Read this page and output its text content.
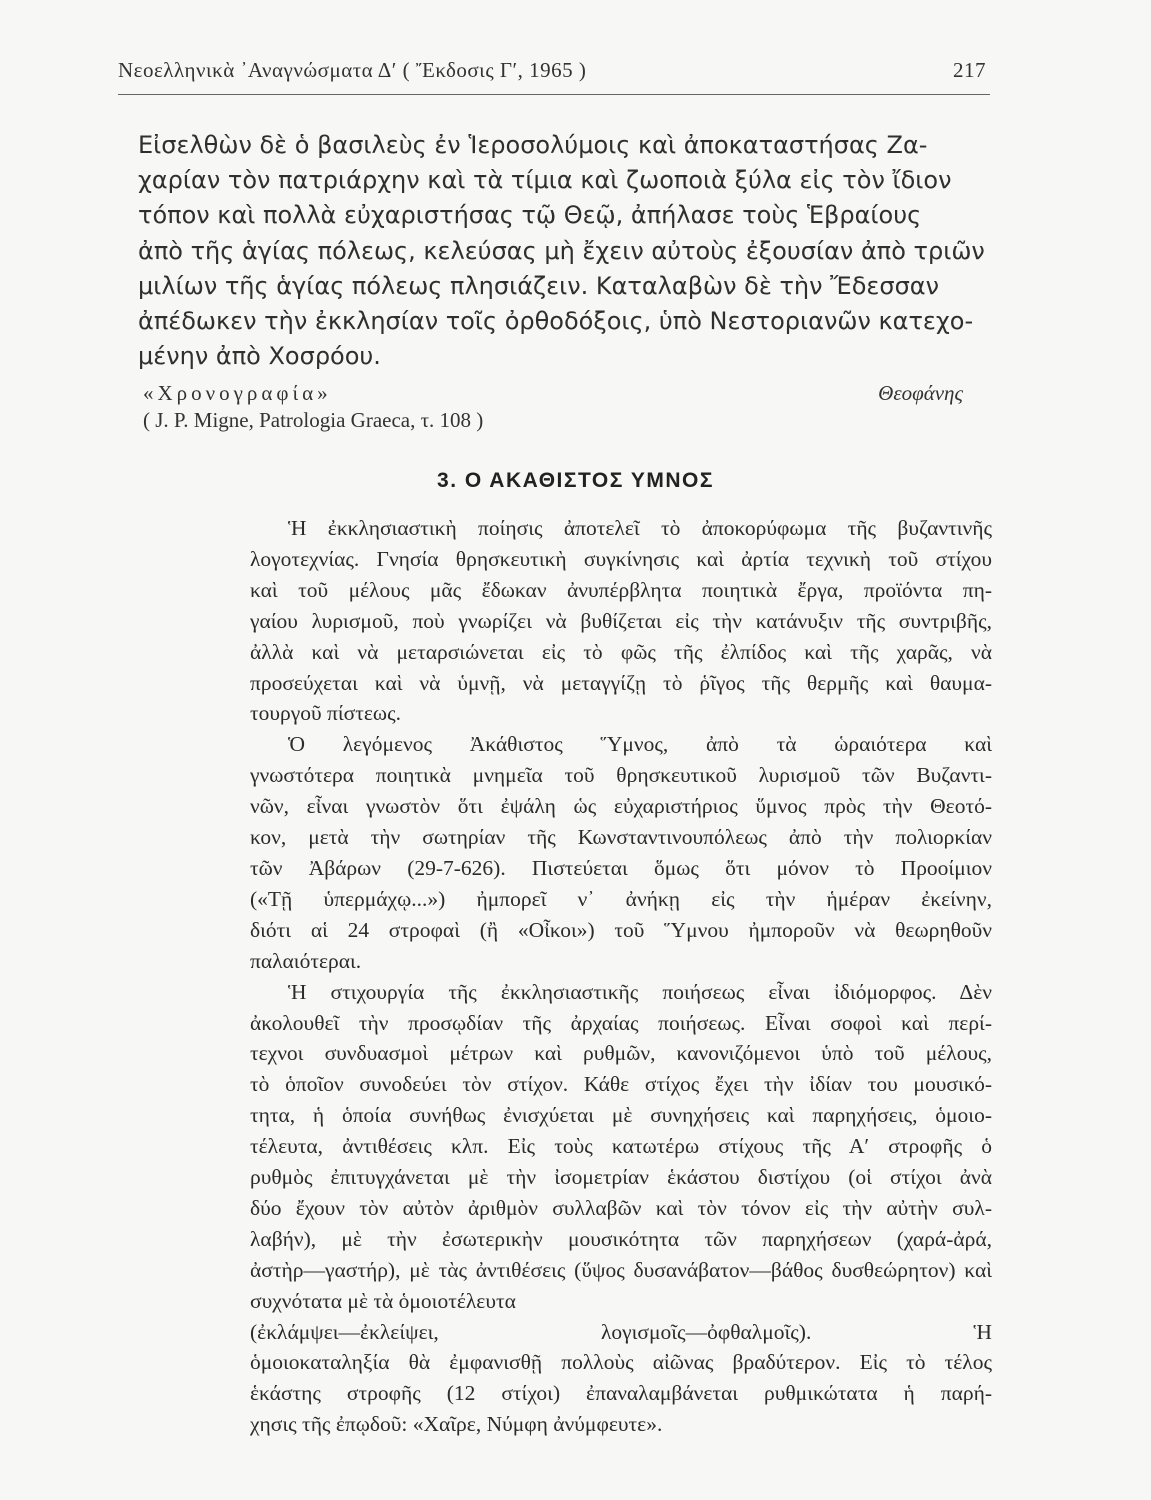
Νεοελληνικὰ ᾿Αναγνώσματα Δ′ ( Ἔκδοσις Γ′, 1965 )	217
Εἰσελθὼν δὲ ὁ βασιλεὺς ἐν Ἱεροσολύμοις καὶ ἀποκαταστήσας Ζα-
χαρίαν τὸν πατριάρχην καὶ τὰ τίμια καὶ ζωοποιὰ ξύλα εἰς τὸν ἴδιον
τόπον καὶ πολλὰ εὐχαριστήσας τῷ Θεῷ, ἀπήλασε τοὺς Ἑβραίους
ἀπὸ τῆς ἁγίας πόλεως, κελεύσας μὴ ἔχειν αὐτοὺς ἐξουσίαν ἀπὸ τριῶν
μιλίων τῆς ἁγίας πόλεως πλησιάζειν. Καταλαβὼν δὲ τὴν Ἔδεσσαν
ἀπέδωκεν τὴν ἐκκλησίαν τοῖς ὀρθοδόξοις, ὑπὸ Νεστοριανῶν κατεχο-
μένην ἀπὸ Χοσρόου.
«Χρονογραφία»	Θεοφάνης
( J. P. Migne, Patrologia Graeca, τ. 108 )
3. Ο ΑΚΑΘΙΣΤΟΣ ΥΜΝΟΣ
Ἡ ἐκκλησιαστικὴ ποίησις ἀποτελεῖ τὸ ἀποκορύφωμα τῆς βυζαντινῆς
λογοτεχνίας. Γνησία θρησκευτικὴ συγκίνησις καὶ ἀρτία τεχνικὴ τοῦ στίχου
καὶ τοῦ μέλους μᾶς ἔδωκαν ἀνυπέρβλητα ποιητικὰ ἔργα, προϊόντα πη-
γαίου λυρισμοῦ, ποὺ γνωρίζει νὰ βυθίζεται εἰς τὴν κατάνυξιν τῆς συντριβῆς,
ἀλλὰ καὶ νὰ μεταρσιώνεται εἰς τὸ φῶς τῆς ἐλπίδος καὶ τῆς χαρᾶς, νὰ
προσεύχεται καὶ νὰ ὑμνῇ, νὰ μεταγγίζῃ τὸ ῥῖγος τῆς θερμῆς καὶ θαυμα-
τουργοῦ πίστεως.
Ὁ λεγόμενος Ἀκάθιστος Ὕμνος, ἀπὸ τὰ ὡραιότερα καὶ
γνωστότερα ποιητικὰ μνημεῖα τοῦ θρησκευτικοῦ λυρισμοῦ τῶν Βυζαντι-
νῶν, εἶναι γνωστὸν ὅτι ἐψάλη ὡς εὐχαριστήριος ὕμνος πρὸς τὴν Θεοτό-
κον, μετὰ τὴν σωτηρίαν τῆς Κωνσταντινουπόλεως ἀπὸ τὴν πολιορκίαν
τῶν Ἀβάρων (29-7-626). Πιστεύεται ὅμως ὅτι μόνον τὸ Προοίμιον
(«Τῇ ὑπερμάχῳ...») ἠμπορεῖ ν᾿ ἀνήκῃ εἰς τὴν ἡμέραν ἐκείνην,
διότι αἱ 24 στροφαὶ (ἢ «Οἶκοι») τοῦ Ὕμνου ἠμποροῦν νὰ θεωρηθοῦν
παλαιότεραι.
Ἡ στιχουργία τῆς ἐκκλησιαστικῆς ποιήσεως εἶναι ἰδιόμορφος. Δὲν
ἀκολουθεῖ τὴν προσῳδίαν τῆς ἀρχαίας ποιήσεως. Εἶναι σοφοὶ καὶ περί-
τεχνοι συνδυασμοὶ μέτρων καὶ ρυθμῶν, κανονιζόμενοι ὑπὸ τοῦ μέλους,
τὸ ὁποῖον συνοδεύει τὸν στίχον. Κάθε στίχος ἔχει τὴν ἰδίαν του μουσικό-
τητα, ἡ ὁποία συνήθως ἐνισχύεται μὲ συνηχήσεις καὶ παρηχήσεις, ὁμοιο-
τέλευτα, ἀντιθέσεις κλπ. Εἰς τοὺς κατωτέρω στίχους τῆς Α′ στροφῆς ὁ
ρυθμὸς ἐπιτυγχάνεται μὲ τὴν ἰσομετρίαν ἑκάστου διστίχου (οἱ στίχοι ἀνὰ
δύο ἔχουν τὸν αὐτὸν ἀριθμὸν συλλαβῶν καὶ τὸν τόνον εἰς τὴν αὐτὴν συλ-
λαβήν), μὲ τὴν ἐσωτερικὴν μουσικότητα τῶν παρηχήσεων (χαρά-ἀρά,
ἀστὴρ—γαστήρ), μὲ τὰς ἀντιθέσεις (ὕψος δυσανάβατον—βάθος δυσθεώρητον) καὶ συχνότατα μὲ τὰ ὁμοιοτέλευτα
(ἐκλάμψει—ἐκλείψει, λογισμοῖς—ὀφθαλμοῖς). Ἡ
ὁμοιοκαταληξία θὰ ἐμφανισθῇ πολλοὺς αἰῶνας βραδύτερον. Εἰς τὸ τέλος
ἑκάστης στροφῆς (12 στίχοι) ἐπαναλαμβάνεται ρυθμικώτατα ἡ παρή-
χησις τῆς ἐπῳδοῦ: «Χαῖρε, Νύμφη ἀνύμφευτε».
